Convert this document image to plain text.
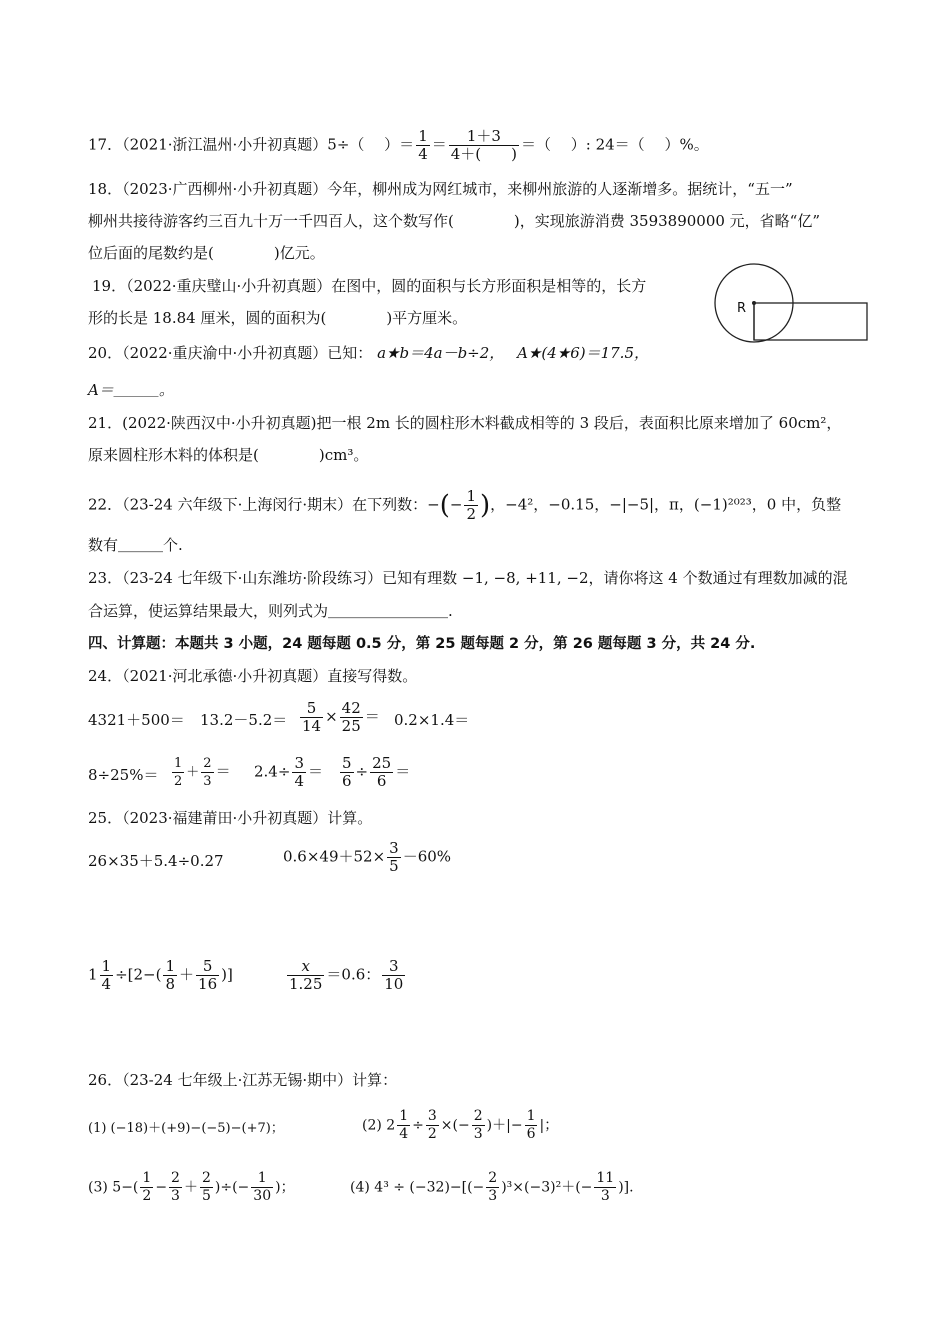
17．（2021·浙江温州·小升初真题）5÷（　 ）＝ $\frac{1}{4} = \frac{1+3}{4+( )}$ ＝（　 ）: 24＝（　 ）%。
18．（2023·广西柳州·小升初真题）今年，柳州成为网红城市，来柳州旅游的人逐渐增多。据统计，“五一”
柳州共接待游客约三百九十万一千四百人，这个数写作(　　　　)，实现旅游消费 3593890000 元，省略“亿”
位后面的尾数约是(　　　　)亿元。
19．（2022·重庆璧山·小升初真题）在图中，圆的面积与长方形面积是相等的，长方
形的长是 18.84 厘米，圆的面积为(　　　　)平方厘米。
R
20．（2022·重庆渝中·小升初真题）已知： a★b＝4a－b÷2， A★(4★6)＝17.5，
A＝＿＿＿。
21．(2022·陕西汉中·小升初真题)把一根 2m 长的圆柱形木料截成相等的 3 段后，表面积比原来增加了 60cm²，
原来圆柱形木料的体积是(　　　　)cm³。
22．（23-24 六年级下·上海闵行·期末）在下列数：−(− $\frac{1}{2}$ )，−4²，−0.15，−|−5|，π，(−1)²⁰²³，0 中，负整
数有＿＿＿个.
23．（23-24 七年级下·山东潍坊·阶段练习）已知有理数 −1, −8, +11, −2，请你将这 4 个数通过有理数加减的混
合运算，使运算结果最大，则列式为＿＿＿＿＿＿＿＿.
四、计算题：本题共 3 小题，24 题每题 0.5 分，第 25 题每题 2 分，第 26 题每题 3 分，共 24 分.
24．（2021·河北承德·小升初真题）直接写得数。
$4321+500= 13.2-5.2= \frac{5}{14} \times \frac{42}{25} = 0.2\times 1.4=$
$8\div 25\%= \frac{1}{2} + \frac{2}{3} = 2.4\div \frac{3}{4} = \frac{5}{6} \div \frac{25}{6}$ ＝
25．（2023·福建莆田·小升初真题）计算。
26×35＋5.4÷0.27	$0.6\times 49+52\times \frac{3}{5} -60\%$
$1 \frac{1}{4} \div[2-( \frac{1}{8} + \frac{5}{16}$ )]	$\frac{x}{1.25} =0.6$： $\frac{3}{10}$
26．（23-24 七年级上·江苏无锡·期中）计算：
(1) (−18)＋(+9)−(−5)−(+7)；	(2) $2 \frac{1}{4} \div \frac{3}{2}$ ×(− $\frac{2}{3}$ )＋|− $\frac{1}{6}$ |；
(3) $5-( \frac{1}{2} - \frac{2}{3} + \frac{2}{5}$ )÷(− $\frac{1}{30}$ )；	(4) $4^3 \div (-32)-[(- \frac{2}{3} )^3\times(-3)^2+(- \frac{11}{3}$ )].
